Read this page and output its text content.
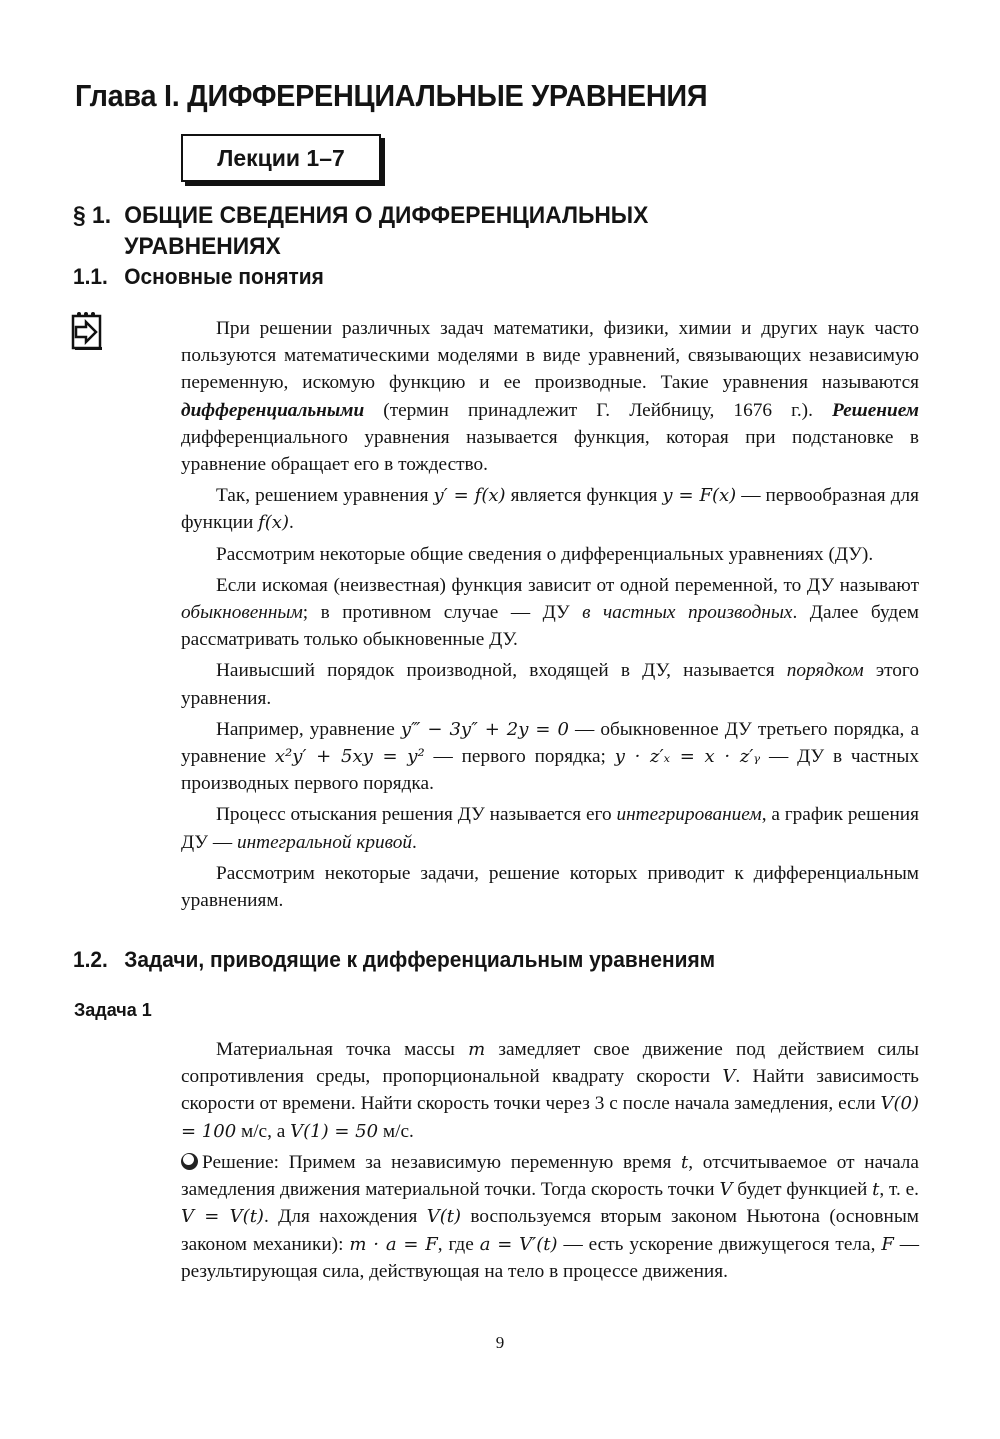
Глава I. ДИФФЕРЕНЦИАЛЬНЫЕ УРАВНЕНИЯ
Лекции 1–7
§ 1. ОБЩИЕ СВЕДЕНИЯ О ДИФФЕРЕНЦИАЛЬНЫХ
УРАВНЕНИЯХ
1.1. Основные понятия

При решении различных задач математики, физики, химии и других наук часто пользуются математическими моделями в виде уравнений, связывающих независимую переменную, искомую функцию и ее производные. Такие уравнения называются дифференциальными (термин принадлежит Г. Лейбницу, 1676 г.). Решением дифференциального уравнения называется функция, которая при подстановке в уравнение обращает его в тождество.

Так, решением уравнения y′ = f(x) является функция y = F(x) — первообразная для функции f(x).

Рассмотрим некоторые общие сведения о дифференциальных уравнениях (ДУ).

Если искомая (неизвестная) функция зависит от одной переменной, то ДУ называют обыкновенным; в противном случае — ДУ в частных производных. Далее будем рассматривать только обыкновенные ДУ.

Наивысший порядок производной, входящей в ДУ, называется порядком этого уравнения.

Например, уравнение y‴ − 3y″ + 2y = 0 — обыкновенное ДУ третьего порядка, а уравнение x²y′ + 5xy = y² — первого порядка; y · z′ₓ = x · z′ᵧ — ДУ в частных производных первого порядка.

Процесс отыскания решения ДУ называется его интегрированием, а график решения ДУ — интегральной кривой.

Рассмотрим некоторые задачи, решение которых приводит к дифференциальным уравнениям.

1.2. Задачи, приводящие к дифференциальным уравнениям
Задача 1

Материальная точка массы m замедляет свое движение под действием силы сопротивления среды, пропорциональной квадрату скорости V. Найти зависимость скорости от времени. Найти скорость точки через 3 с после начала замедления, если V(0) = 100 м/с, а V(1) = 50 м/с.

Решение: Примем за независимую переменную время t, отсчитываемое от начала замедления движения материальной точки. Тогда скорость точки V будет функцией t, т. е. V = V(t). Для нахождения V(t) воспользуемся вторым законом Ньютона (основным законом механики): m · a = F, где a = V′(t) — есть ускорение движущегося тела, F — результирующая сила, действующая на тело в процессе движения.

9
